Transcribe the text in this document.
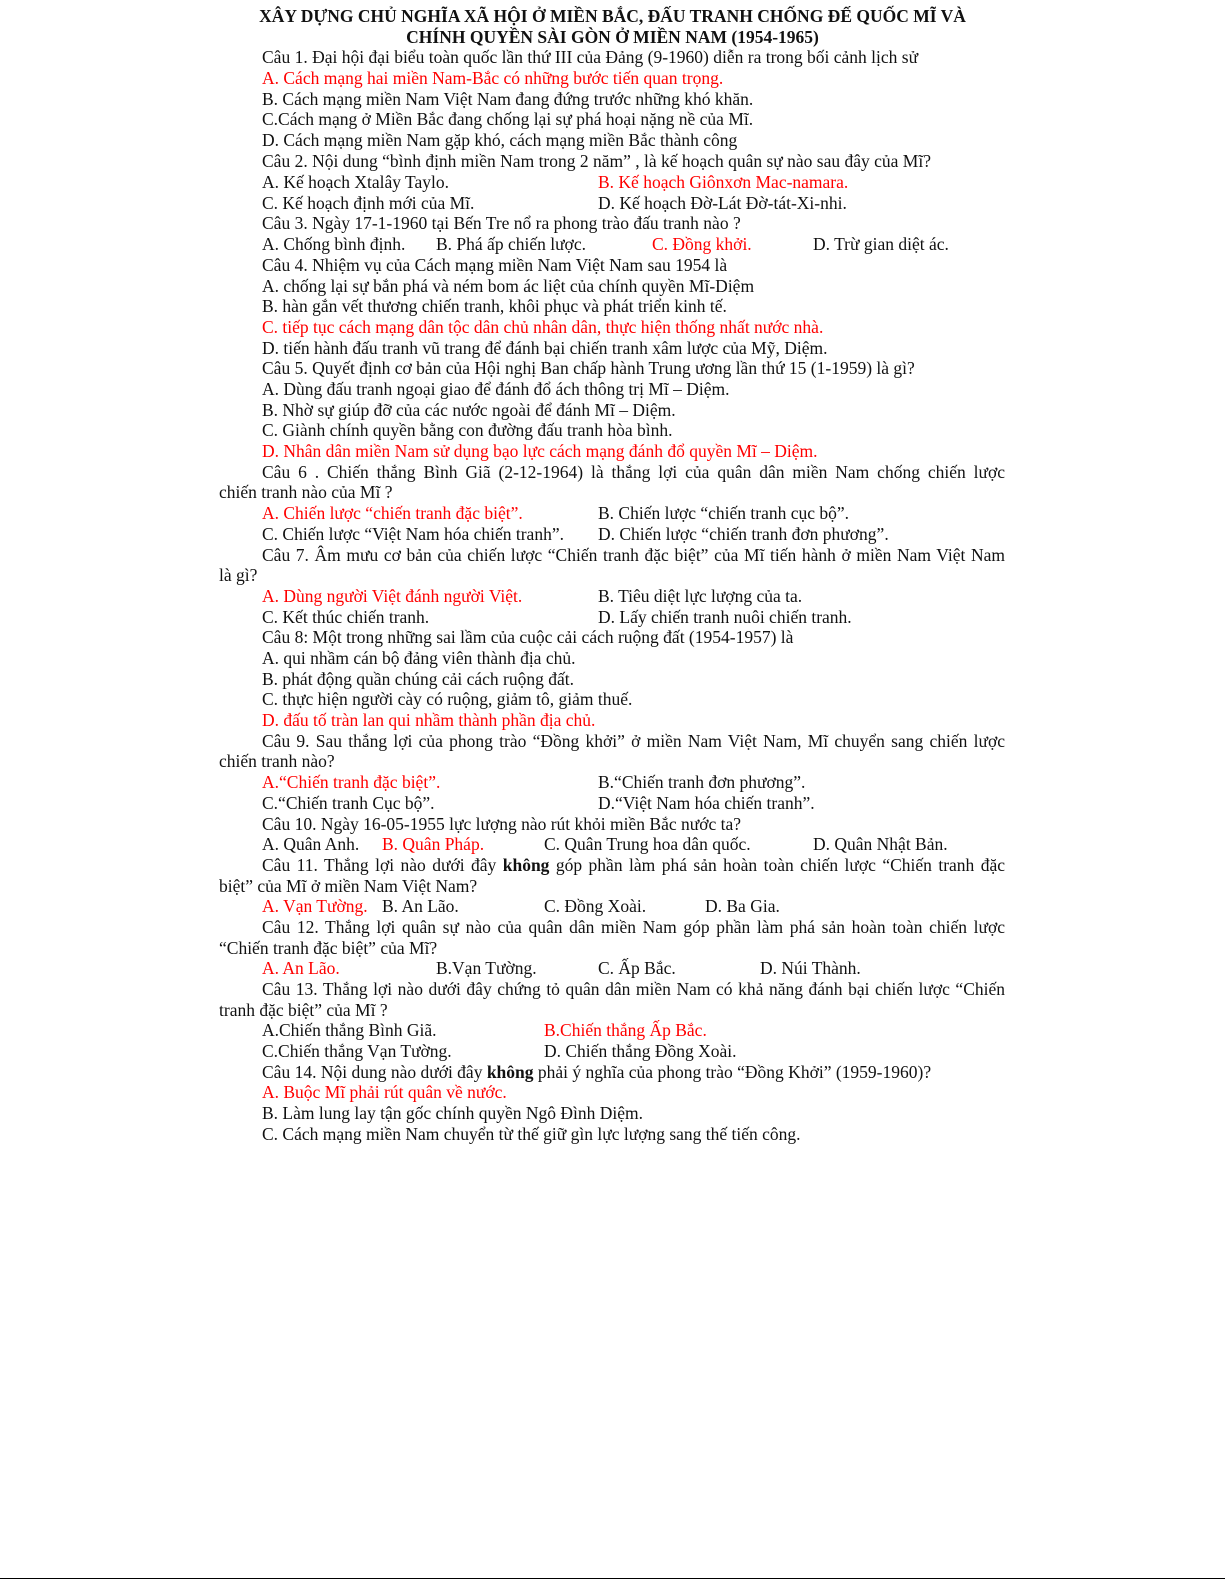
XÂY DỰNG CHỦ NGHĨA XÃ HỘI Ở MIỀN BẮC, ĐẤU TRANH CHỐNG ĐẾ QUỐC MĨ VÀ
CHÍNH QUYỀN SÀI GÒN Ở MIỀN NAM (1954-1965)
Câu 1. Đại hội đại biểu toàn quốc lần thứ III của Đảng (9-1960) diễn ra trong bối cảnh lịch sử
A. Cách mạng hai miền Nam-Bắc có những bước tiến quan trọng.
B. Cách mạng miền Nam Việt Nam đang đứng trước những khó khăn.
C.Cách mạng ở Miền Bắc đang chống lại sự phá hoại nặng nề của Mĩ.
D. Cách mạng miền Nam gặp khó, cách mạng miền Bắc thành công
Câu 2. Nội dung “bình định miền Nam trong 2 năm” , là kế hoạch quân sự nào sau đây của Mĩ?
A. Kế hoạch Xtalây Taylo.	B. Kế hoạch Giônxơn Mac-namara.
C. Kế hoạch định mới của Mĩ.	D. Kế hoạch Đờ-Lát Đờ-tát-Xi-nhi.
Câu 3. Ngày 17-1-1960 tại Bến Tre nổ ra phong trào đấu tranh nào ?
A. Chống bình định. B. Phá ấp chiến lược.	C. Đồng khởi.	D. Trừ gian diệt ác.
Câu 4. Nhiệm vụ của Cách mạng miền Nam Việt Nam sau 1954 là
A. chống lại sự bắn phá và ném bom ác liệt của chính quyền Mĩ-Diệm
B. hàn gắn vết thương chiến tranh, khôi phục và phát triển kinh tế.
C. tiếp tục cách mạng dân tộc dân chủ nhân dân, thực hiện thống nhất nước nhà.
D. tiến hành đấu tranh vũ trang để đánh bại chiến tranh xâm lược của Mỹ, Diệm.
Câu 5. Quyết định cơ bản của Hội nghị Ban chấp hành Trung ương lần thứ 15 (1-1959) là gì?
A. Dùng đấu tranh ngoại giao để đánh đổ ách thông trị Mĩ – Diệm.
B. Nhờ sự giúp đỡ của các nước ngoài để đánh Mĩ – Diệm.
C. Giành chính quyền bằng con đường đấu tranh hòa bình.
D. Nhân dân miền Nam sử dụng bạo lực cách mạng đánh đổ quyền Mĩ – Diệm.
Câu 6 . Chiến thắng Bình Giã (2-12-1964) là thắng lợi của quân dân miền Nam chống chiến lược
chiến tranh nào của Mĩ ?
A. Chiến lược “chiến tranh đặc biệt”.	B. Chiến lược “chiến tranh cục bộ”.
C. Chiến lược “Việt Nam hóa chiến tranh”. D. Chiến lược “chiến tranh đơn phương”.
Câu 7. Âm mưu cơ bản của chiến lược “Chiến tranh đặc biệt” của Mĩ tiến hành ở miền Nam Việt Nam
là gì?
A. Dùng người Việt đánh người Việt.	B. Tiêu diệt lực lượng của ta.
C. Kết thúc chiến tranh.	D. Lấy chiến tranh nuôi chiến tranh.
Câu 8: Một trong những sai lầm của cuộc cải cách ruộng đất (1954-1957) là
A. qui nhầm cán bộ đảng viên thành địa chủ.
B. phát động quần chúng cải cách ruộng đất.
C. thực hiện người cày có ruộng, giảm tô, giảm thuế.
D. đấu tố tràn lan qui nhầm thành phần địa chủ.
Câu 9. Sau thắng lợi của phong trào “Đồng khởi” ở miền Nam Việt Nam, Mĩ chuyển sang chiến lược
chiến tranh nào?
A.“Chiến tranh đặc biệt”.	B.“Chiến tranh đơn phương”.
C.“Chiến tranh Cục bộ”.	D.“Việt Nam hóa chiến tranh”.
Câu 10. Ngày 16-05-1955 lực lượng nào rút khỏi miền Bắc nước ta?
A. Quân Anh. B. Quân Pháp.	C. Quân Trung hoa dân quốc.	D. Quân Nhật Bản.
Câu 11. Thắng lợi nào dưới đây không góp phần làm phá sản hoàn toàn chiến lược “Chiến tranh đặc
biệt” của Mĩ ở miền Nam Việt Nam?
A. Vạn Tường. B. An Lão.	C. Đồng Xoài.	D. Ba Gia.
Câu 12. Thắng lợi quân sự nào của quân dân miền Nam góp phần làm phá sản hoàn toàn chiến lược
“Chiến tranh đặc biệt” của Mĩ?
A. An Lão.	B.Vạn Tường.	C. Ấp Bắc.	D. Núi Thành.
Câu 13. Thắng lợi nào dưới đây chứng tỏ quân dân miền Nam có khả năng đánh bại chiến lược “Chiến
tranh đặc biệt” của Mĩ ?
A.Chiến thắng Bình Giã.	B.Chiến thắng Ấp Bắc.
C.Chiến thắng Vạn Tường.	D. Chiến thắng Đồng Xoài.
Câu 14. Nội dung nào dưới đây không phải ý nghĩa của phong trào “Đồng Khởi” (1959-1960)?
A. Buộc Mĩ phải rút quân về nước.
B. Làm lung lay tận gốc chính quyền Ngô Đình Diệm.
C. Cách mạng miền Nam chuyển từ thế giữ gìn lực lượng sang thế tiến công.
